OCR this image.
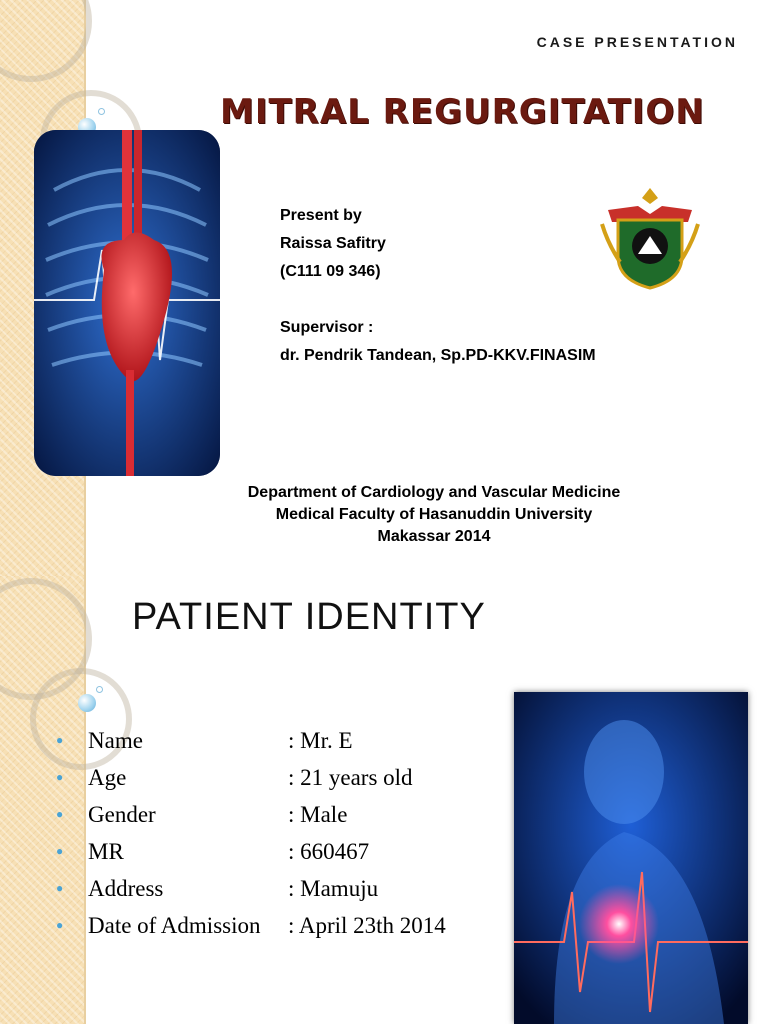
CASE PRESENTATION
MITRAL REGURGITATION
Present by
Raissa Safitry
(C111 09 346)
Supervisor :
dr. Pendrik Tandean, Sp.PD-KKV.FINASIM
Department of Cardiology and Vascular Medicine
Medical Faculty of Hasanuddin University
Makassar 2014
PATIENT IDENTITY
●	Name	: Mr. E
●	Age	: 21 years old
●	Gender	: Male
●	MR	: 660467
●	Address	: Mamuju
●	Date of Admission	: April 23th 2014
